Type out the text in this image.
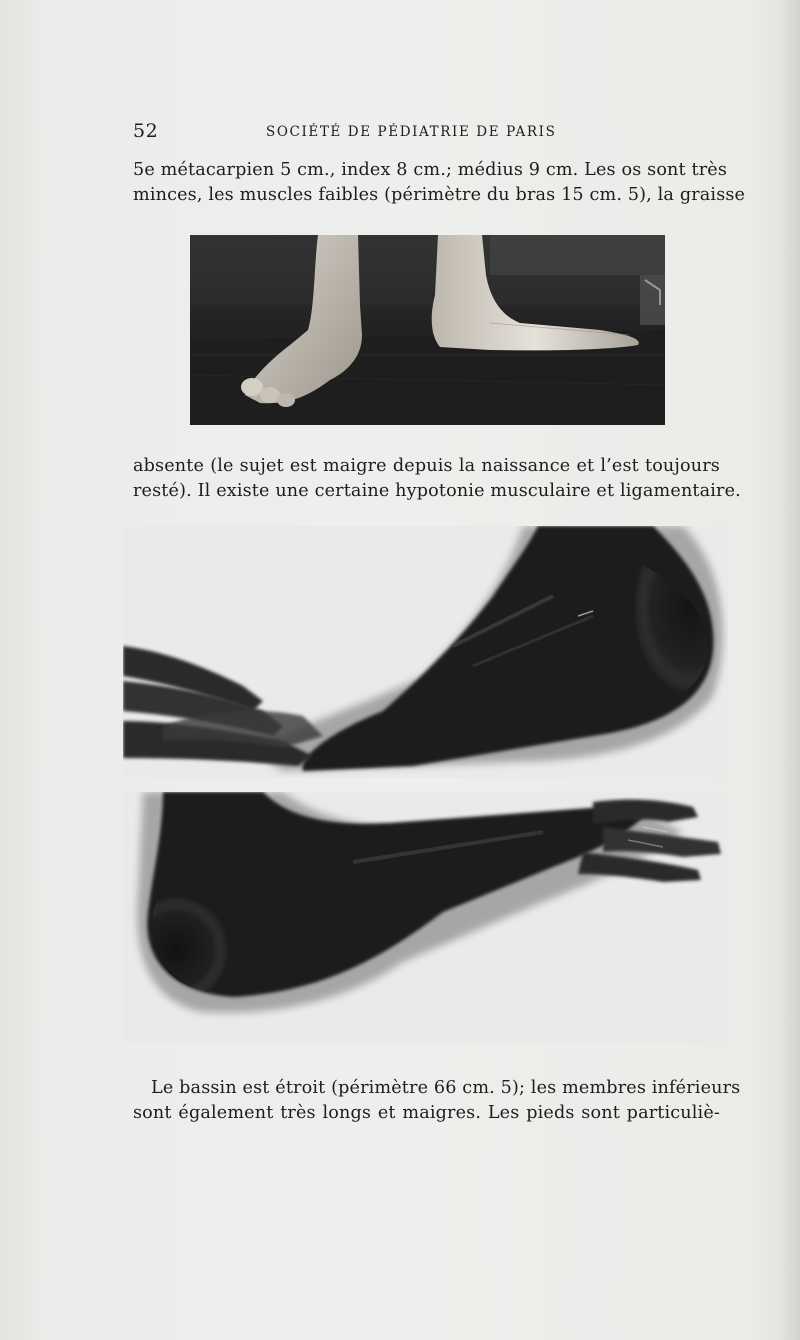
52	SOCIÉTÉ DE PÉDIATRIE DE PARIS
5e métacarpien 5 cm., index 8 cm.; médius 9 cm. Les os sont très
minces, les muscles faibles (périmètre du bras 15 cm. 5), la graisse
absente (le sujet est maigre depuis la naissance et l’est toujours
resté). Il existe une certaine hypotonie musculaire et ligamentaire.
Le bassin est étroit (périmètre 66 cm. 5); les membres inférieurs
sont également très longs et maigres. Les pieds sont particuliè-
